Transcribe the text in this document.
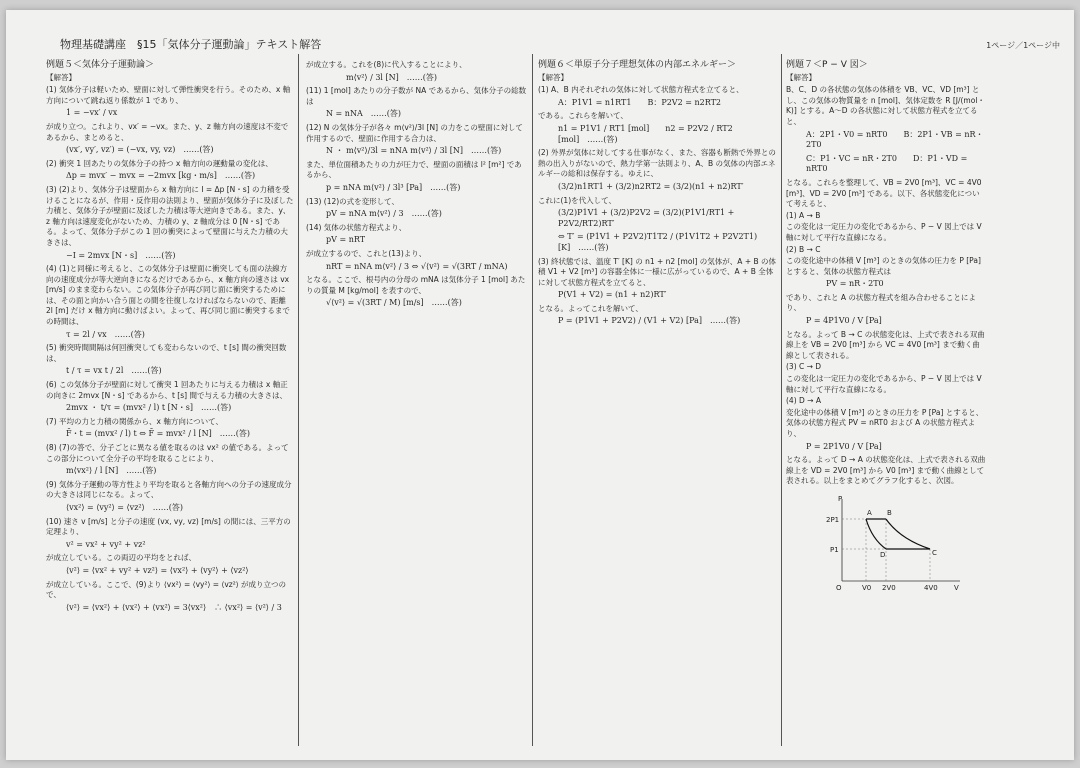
物理基礎講座　§15「気体分子運動論」テキスト解答	1ページ／1ページ中
例題５＜気体分子運動論＞
【解答】
(1) 気体分子は軽いため、壁面に対して弾性衝突を行う。そのため、x 軸方向について跳ね返り係数が 1 であり、
1 = −vx′ / vx
が成り立つ。これより、vx′ = −vx。また、y、z 軸方向の速度は不変であるから、まとめると、
(vx′, vy′, vz′) = (−vx, vy, vz)　……(答)
(2) 衝突 1 回あたりの気体分子の持つ x 軸方向の運動量の変化は、
Δp = mvx′ − mvx = −2mvx [kg・m/s]　……(答)
(3) (2)より、気体分子は壁面から x 軸方向に I = Δp [N・s] の力積を受けることになるが、作用・反作用の法則より、壁面が気体分子に及ぼした力積と、気体分子が壁面に及ぼした力積は等大逆向きである。また、y、z 軸方向は速度変化がないため、力積の y、z 軸成分は 0 [N・s] である。よって、気体分子がこの 1 回の衝突によって壁面に与えた力積の大きさは、
−I = 2mvx [N・s]　……(答)
(4) (1)と同様に考えると、この気体分子は壁面に衝突しても面の法線方向の速度成分が等大逆向きになるだけであるから、x 軸方向の速さは vx [m/s] のまま変わらない。この気体分子が再び同じ面に衝突するためには、その面と向かい合う面との間を往復しなければならないので、距離 2l [m] だけ x 軸方向に動けばよい。よって、再び同じ面に衝突するまでの時間は、
τ = 2l / vx　……(答)
(5) 衝突時間間隔は何回衝突しても変わらないので、t [s] 間の衝突回数は、
t / τ = vx t / 2l　……(答)
(6) この気体分子が壁面に対して衝突 1 回あたりに与える力積は x 軸正の向きに 2mvx [N・s] であるから、t [s] 間で与える力積の大きさは、
2mvx ・ t/τ = (mvx² / l) t [N・s]　……(答)
(7) 平均の力と力積の関係から、x 軸方向について、
F̄・t = (mvx² / l) t ⇔ F̄ = mvx² / l [N]　……(答)
(8) (7)の答で、分子ごとに異なる値を取るのは vx² の値である。よってこの部分について全分子の平均を取ることにより、
m⟨vx²⟩ / l [N]　……(答)
(9) 気体分子運動の等方性より平均を取ると各軸方向への分子の速度成分の大きさは同じになる。よって、
⟨vx²⟩ = ⟨vy²⟩ = ⟨vz²⟩　……(答)
(10) 速さ v [m/s] と分子の速度 (vx, vy, vz) [m/s] の間には、三平方の定理より、
v² = vx² + vy² + vz²
が成立している。この両辺の平均をとれば、
⟨v²⟩ = ⟨vx² + vy² + vz²⟩ = ⟨vx²⟩ + ⟨vy²⟩ + ⟨vz²⟩
が成立している。ここで、(9)より ⟨vx²⟩ = ⟨vy²⟩ = ⟨vz²⟩ が成り立つので、
⟨v²⟩ = ⟨vx²⟩ + ⟨vx²⟩ + ⟨vx²⟩ = 3⟨vx²⟩　∴ ⟨vx²⟩ = ⟨v²⟩ / 3
が成立する。これを(8)に代入することにより、
m⟨v²⟩ / 3l [N]　……(答)
(11) 1 [mol] あたりの分子数が NA であるから、気体分子の総数は
N = nNA　……(答)
(12) N の気体分子が各々 m⟨v²⟩/3l [N] の力をこの壁面に対して作用するので、壁面に作用する合力は、
N ・ m⟨v²⟩/3l = nNA m⟨v²⟩ / 3l [N]　……(答)
また、単位面積あたりの力が圧力で、壁面の面積は l² [m²] であるから、
p = nNA m⟨v²⟩ / 3l³ [Pa]　……(答)
(13) (12)の式を変形して、
pV = nNA m⟨v²⟩ / 3　……(答)
(14) 気体の状態方程式より、
pV = nRT
が成立するので、これと(13)より、
nRT = nNA m⟨v²⟩ / 3 ⇔ √⟨v²⟩ = √(3RT / mNA)
となる。ここで、根号内の分母の mNA は気体分子 1 [mol] あたりの質量 M [kg/mol] を表すので、
√⟨v²⟩ = √(3RT / M) [m/s]　……(答)
例題６＜単原子分子理想気体の内部エネルギー＞
【解答】
(1) A、B 内それぞれの気体に対して状態方程式を立てると、
A：P1V1 = n1RT1　　B：P2V2 = n2RT2
である。これらを解いて、
n1 = P1V1 / RT1 [mol]　　n2 = P2V2 / RT2 [mol]　……(答)
(2) 外界が気体に対してする仕事がなく、また、容器も断熱で外界との熱の出入りがないので、熱力学第一法則より、A、B の気体の内部エネルギーの総和は保存する。ゆえに、
(3/2)n1RT1 + (3/2)n2RT2 = (3/2)(n1 + n2)RT′
これに(1)を代入して、
(3/2)P1V1 + (3/2)P2V2 = (3/2)(P1V1/RT1 + P2V2/RT2)RT′
⇔ T′ = (P1V1 + P2V2)T1T2 / (P1V1T2 + P2V2T1) [K]　……(答)
(3) 終状態では、温度 T′ [K] の n1 + n2 [mol] の気体が、A + B の体積 V1 + V2 [m³] の容器全体に一様に広がっているので、A + B 全体に対して状態方程式を立てると、
P(V1 + V2) = (n1 + n2)RT′
となる。よってこれを解いて、
P = (P1V1 + P2V2) / (V1 + V2) [Pa]　……(答)
例題７＜P − V 図＞
【解答】
B、C、D の各状態の気体の体積を VB、VC、VD [m³] とし、この気体の物質量を n [mol]、気体定数を R [J/(mol・K)] とする。A〜D の各状態に対して状態方程式を立てると、
A：2P1・V0 = nRT0　　B：2P1・VB = nR・2T0
C：P1・VC = nR・2T0　　D：P1・VD = nRT0
となる。これらを整理して、VB = 2V0 [m³]、VC = 4V0 [m³]、VD = 2V0 [m³] である。以下、各状態変化について考えると、
(1) A → B
この変化は一定圧力の変化であるから、P − V 図上では V 軸に対して平行な直線になる。
(2) B → C
この変化途中の体積 V [m³] のときの気体の圧力を P [Pa] とすると、気体の状態方程式は
PV = nR・2T0
であり、これと A の状態方程式を組み合わせることにより、
P = 4P1V0 / V [Pa]
となる。よって B → C の状態変化は、上式で表される双曲線上を VB = 2V0 [m³] から VC = 4V0 [m³] まで動く曲線として表される。
(3) C → D
この変化は一定圧力の変化であるから、P − V 図上では V 軸に対して平行な直線になる。
(4) D → A
変化途中の体積 V [m³] のときの圧力を P [Pa] とすると、気体の状態方程式 PV = nRT0 および A の状態方程式より、
P = 2P1V0 / V [Pa]
となる。よって D → A の状態変化は、上式で表される双曲線上を VD = 2V0 [m³] から V0 [m³] まで動く曲線として表される。以上をまとめてグラフ化すると、次図。
P
V
O
2P1
P1
V0 2V0	4V0
A B
C
D
